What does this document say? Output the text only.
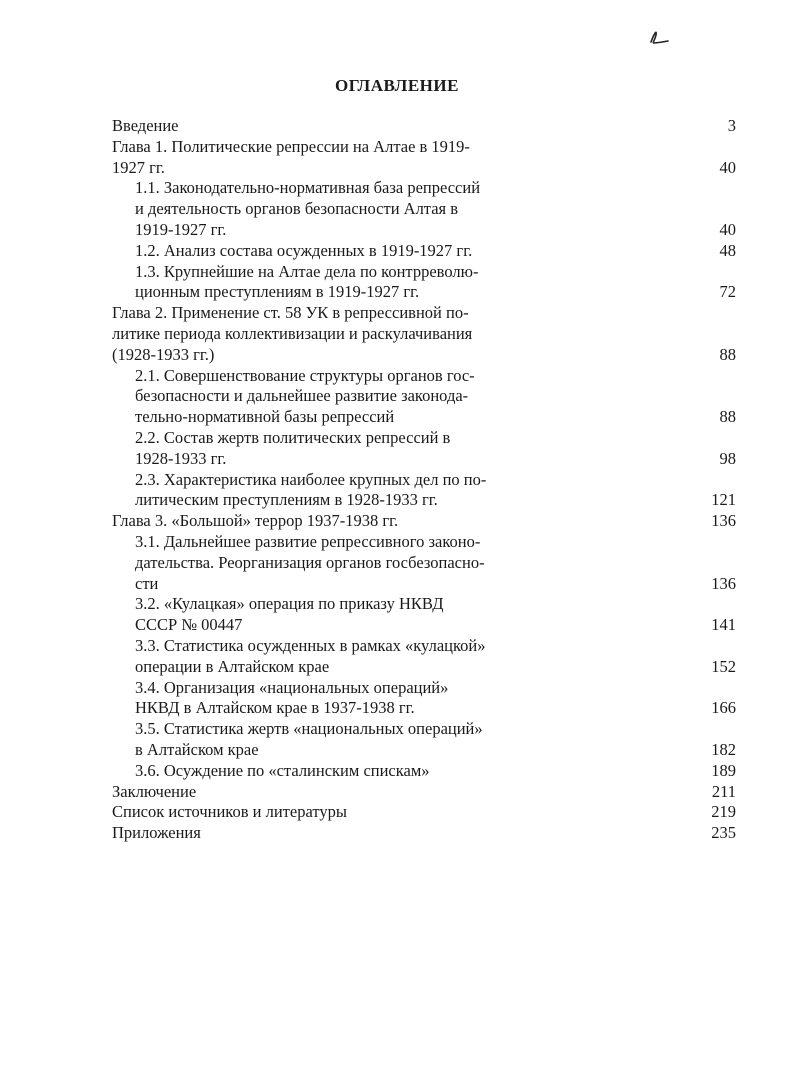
ОГЛАВЛЕНИЕ
Введение	3
Глава 1. Политические репрессии на Алтае в 1919-
1927 гг.	40
1.1. Законодательно-нормативная база репрессий
и деятельность органов безопасности Алтая в
1919-1927 гг.	40
1.2. Анализ состава осужденных в 1919-1927 гг.	48
1.3. Крупнейшие на Алтае дела по контрреволю-
ционным преступлениям в 1919-1927 гг.	72
Глава 2. Применение ст. 58 УК в репрессивной по-
литике периода коллективизации и раскулачивания
(1928-1933 гг.)	88
2.1. Совершенствование структуры органов гос-
безопасности и дальнейшее развитие законода-
тельно-нормативной базы репрессий	88
2.2. Состав жертв политических репрессий в
1928-1933 гг.	98
2.3. Характеристика наиболее крупных дел по по-
литическим преступлениям в 1928-1933 гг.	121
Глава 3. «Большой» террор 1937-1938 гг.	136
3.1. Дальнейшее развитие репрессивного законо-
дательства. Реорганизация органов госбезопасно-
сти	136
3.2. «Кулацкая» операция по приказу НКВД
СССР № 00447	141
3.3. Статистика осужденных в рамках «кулацкой»
операции в Алтайском крае	152
3.4. Организация «национальных операций»
НКВД в Алтайском крае в 1937-1938 гг.	166
3.5. Статистика жертв «национальных операций»
в Алтайском крае	182
3.6. Осуждение по «сталинским спискам»	189
Заключение	211
Список источников и литературы	219
Приложения	235
